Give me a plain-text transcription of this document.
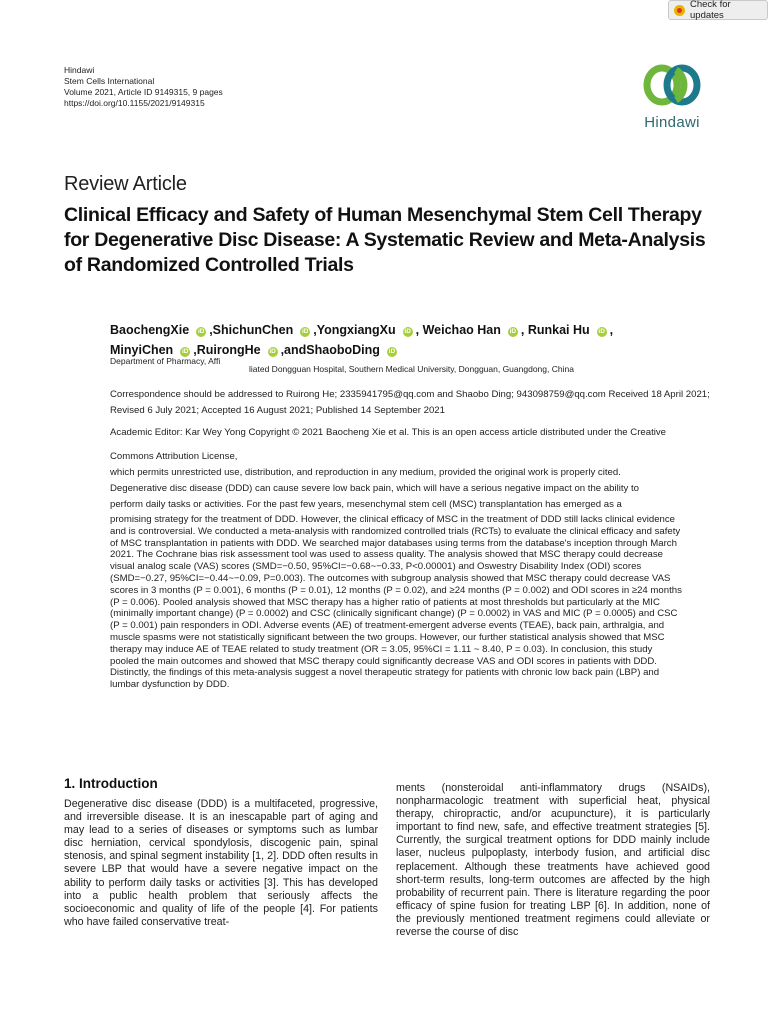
Check for updates
Hindawi
Stem Cells International
Volume 2021, Article ID 9149315, 9 pages
https://doi.org/10.1155/2021/9149315
Hindawi
Review Article
Clinical Efficacy and Safety of Human Mesenchymal Stem Cell Therapy for Degenerative Disc Disease: A Systematic Review and Meta-Analysis of Randomized Controlled Trials
BaochengXie iD ,ShichunChen iD ,YongxiangXu iD , Weichao Han iD , Runkai Hu iD ,
MinyiChen iD ,RuirongHe iD ,andShaoboDing iD
Department of Pharmacy, Affi
liated Dongguan Hospital, Southern Medical University, Dongguan, Guangdong, China
Correspondence should be addressed to Ruirong He; 2335941795@qq.com and Shaobo Ding; 943098759@qq.com Received 18 April 2021; Revised 6 July 2021; Accepted 16 August 2021; Published 14 September 2021
Academic Editor: Kar Wey Yong Copyright © 2021 Baocheng Xie et al. This is an open access article distributed under the Creative
Commons Attribution License,
which permits unrestricted use, distribution, and reproduction in any medium, provided the original work is properly cited.
Degenerative disc disease (DDD) can cause severe low back pain, which will have a serious negative impact on the ability to
perform daily tasks or activities. For the past few years, mesenchymal stem cell (MSC) transplantation has emerged as a
promising strategy for the treatment of DDD. However, the clinical efficacy of MSC in the treatment of DDD still lacks clinical evidence and is controversial. We conducted a meta-analysis with randomized controlled trials (RCTs) to evaluate the clinical efficacy and safety of MSC transplantation in patients with DDD. We searched major databases using terms from the database's inception through March 2021. The Cochrane bias risk assessment tool was used to assess quality. The analysis showed that MSC therapy could decrease visual analog scale (VAS) scores (SMD=−0.50, 95%CI=−0.68~−0.33, P<0.00001) and Oswestry Disability Index (ODI) scores (SMD=−0.27, 95%CI=−0.44~−0.09, P=0.003). The outcomes with subgroup analysis showed that MSC therapy could decrease VAS scores in 3 months (P = 0.001), 6 months (P = 0.01), 12 months (P = 0.02), and ≥24 months (P = 0.002) and ODI scores in ≥24 months (P = 0.006). Pooled analysis showed that MSC therapy has a higher ratio of patients at most thresholds but particularly at the MIC (minimally important change) (P = 0.0002) and CSC (clinically significant change) (P = 0.0002) in VAS and MIC (P = 0.0005) and CSC (P = 0.001) pain responders in ODI. Adverse events (AE) of treatment-emergent adverse events (TEAE), back pain, arthralgia, and muscle spasms were not statistically significant between the two groups. However, our further statistical analysis showed that MSC therapy may induce AE of TEAE related to study treatment (OR = 3.05, 95%CI = 1.11 ~ 8.40, P = 0.03). In conclusion, this study pooled the main outcomes and showed that MSC therapy could significantly decrease VAS and ODI scores in patients with DDD. Distinctly, the findings of this meta-analysis suggest a novel therapeutic strategy for patients with chronic low back pain (LBP) and lumbar dysfunction by DDD.
1. Introduction
Degenerative disc disease (DDD) is a multifaceted, progressive, and irreversible disease. It is an inescapable part of aging and may lead to a series of diseases or symptoms such as lumbar disc herniation, cervical spondylosis, discogenic pain, spinal stenosis, and spinal segment instability [1, 2]. DDD often results in severe LBP that would have a severe negative impact on the ability to perform daily tasks or activities [3]. This has developed into a public health problem that seriously affects the socioeconomic and quality of life of the people [4]. For patients who have failed conservative treat-
ments (nonsteroidal anti-inflammatory drugs (NSAIDs), nonpharmacologic treatment with superficial heat, physical therapy, chiropractic, and/or acupuncture), it is particularly important to find new, safe, and effective treatment strategies [5]. Currently, the surgical treatment options for DDD mainly include laser, nucleus pulpoplasty, interbody fusion, and artificial disc replacement. Although these treatments have achieved good short-term results, long-term outcomes are affected by the high probability of recurrent pain. There is literature regarding the poor efficacy of spine fusion for treating LBP [6]. In addition, none of the previously mentioned treatment regimens could alleviate or reverse the course of disc
